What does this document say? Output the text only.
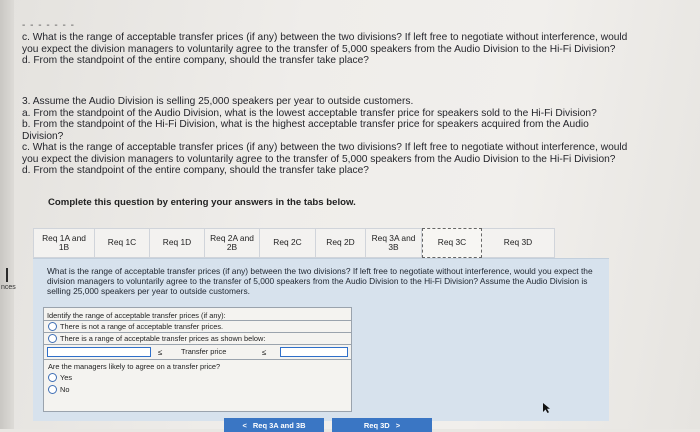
nces
- - - - - - -

c. What is the range of acceptable transfer prices (if any) between the two divisions? If left free to negotiate without interference, would

you expect the division managers to voluntarily agree to the transfer of 5,000 speakers from the Audio Division to the Hi-Fi Division?

d. From the standpoint of the entire company, should the transfer take place?

3. Assume the Audio Division is selling 25,000 speakers per year to outside customers.

a. From the standpoint of the Audio Division, what is the lowest acceptable transfer price for speakers sold to the Hi-Fi Division?

b. From the standpoint of the Hi-Fi Division, what is the highest acceptable transfer price for speakers acquired from the Audio

Division?

c. What is the range of acceptable transfer prices (if any) between the two divisions? If left free to negotiate without interference, would

you expect the division managers to voluntarily agree to the transfer of 5,000 speakers from the Audio Division to the Hi-Fi Division?

d. From the standpoint of the entire company, should the transfer take place?

Complete this question by entering your answers in the tabs below.
Req 1A and
1B	Req 1C	Req 1D Req 2A and
2B	Req 2C	Req 2D Req 3A and
3B	Req 3C	Req 3D
What is the range of acceptable transfer prices (if any) between the two divisions? If left free to negotiate without interference, would you expect the division managers to voluntarily agree to the transfer of 5,000 speakers from the Audio Division to the Hi-Fi Division? Assume the Audio Division is selling 25,000 speakers per year to outside customers.
Identify the range of acceptable transfer prices (if any):
There is not a range of acceptable transfer prices.
There is a range of acceptable transfer prices as shown below:
≤	Transfer price	≤
Are the managers likely to agree on a transfer price?
Yes
No
< Req 3A and 3B	Req 3D >
